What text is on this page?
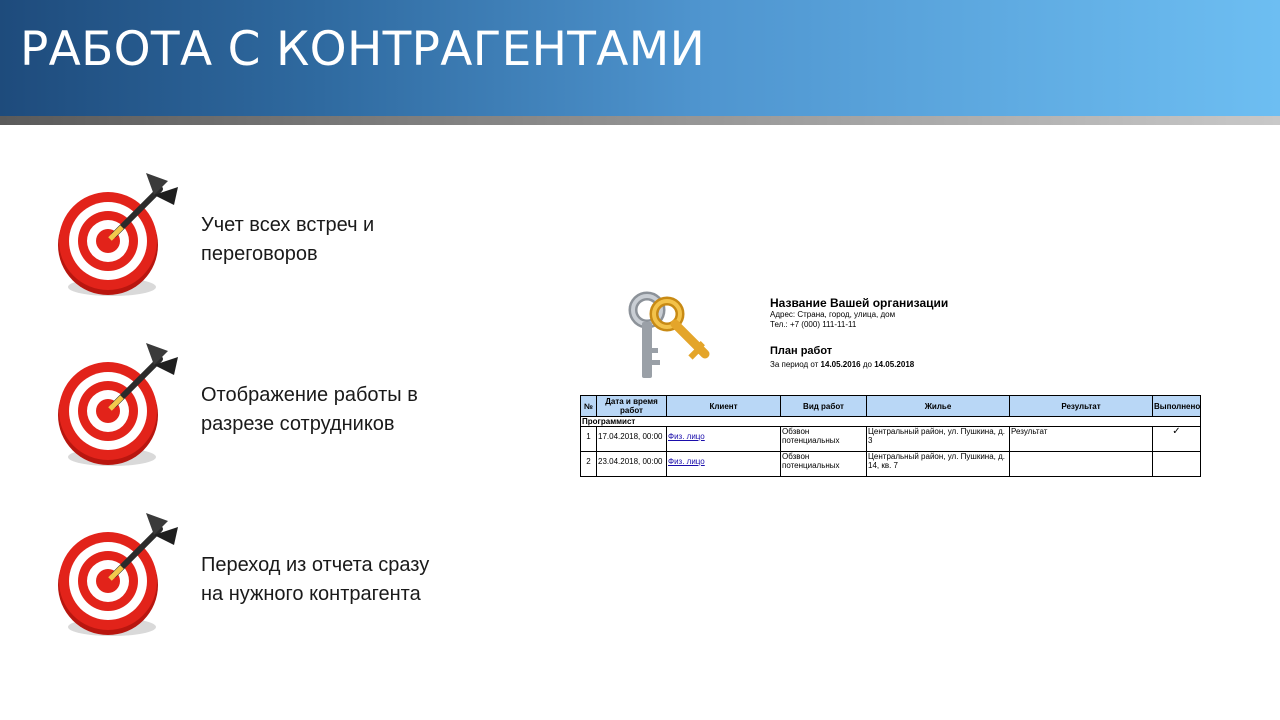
РАБОТА С КОНТРАГЕНТАМИ
Учет всех встреч и
переговоров
Отображение работы в
разрезе сотрудников
Переход из отчета сразу
на нужного контрагента
Название Вашей организации
Адрес: Страна, город, улица, дом
Тел.: +7 (000) 111-11-11
План работ
За период от 14.05.2016 до 14.05.2018
№	Дата и время работ	Клиент	Вид работ	Жилье	Результат	Выполнено
Программист						
1	17.04.2018, 00:00	Физ. лицо	Обзвон потенциальных	Центральный район, ул. Пушкина, д. 3	Результат	✓
2	23.04.2018, 00:00	Физ. лицо	Обзвон потенциальных	Центральный район, ул. Пушкина, д. 14, кв. 7		
